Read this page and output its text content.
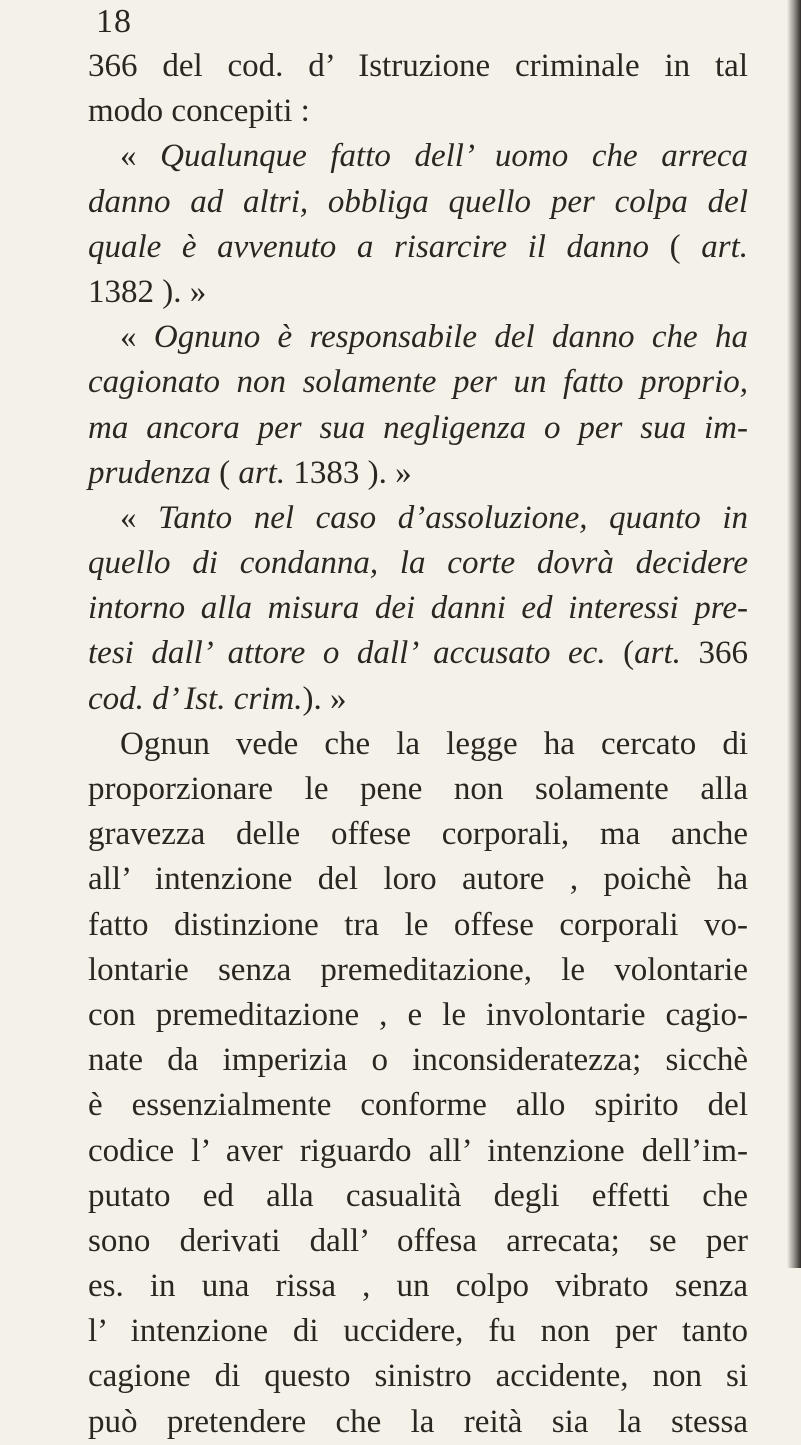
18
366 del cod. d’ Istruzione criminale in tal
modo concepiti :
« Qualunque fatto dell’ uomo che arreca
danno ad altri, obbliga quello per colpa del
quale è avvenuto a risarcire il danno ( art.
1382 ). »
« Ognuno è responsabile del danno che ha
cagionato non solamente per un fatto proprio,
ma ancora per sua negligenza o per sua im-
prudenza ( art. 1383 ). »
« Tanto nel caso d’assoluzione, quanto in
quello di condanna, la corte dovrà decidere
intorno alla misura dei danni ed interessi pre-
tesi dall’ attore o dall’ accusato ec. (art. 366
cod. d’ Ist. crim.). »
Ognun vede che la legge ha cercato di
proporzionare le pene non solamente alla
gravezza delle offese corporali, ma anche
all’ intenzione del loro autore , poichè ha
fatto distinzione tra le offese corporali vo-
lontarie senza premeditazione, le volontarie
con premeditazione , e le involontarie cagio-
nate da imperizia o inconsideratezza; sicchè
è essenzialmente conforme allo spirito del
codice l’ aver riguardo all’ intenzione dell’im-
putato ed alla casualità degli effetti che
sono derivati dall’ offesa arrecata; se per
es. in una rissa , un colpo vibrato senza
l’ intenzione di uccidere, fu non per tanto
cagione di questo sinistro accidente, non si
può pretendere che la reità sia la stessa
